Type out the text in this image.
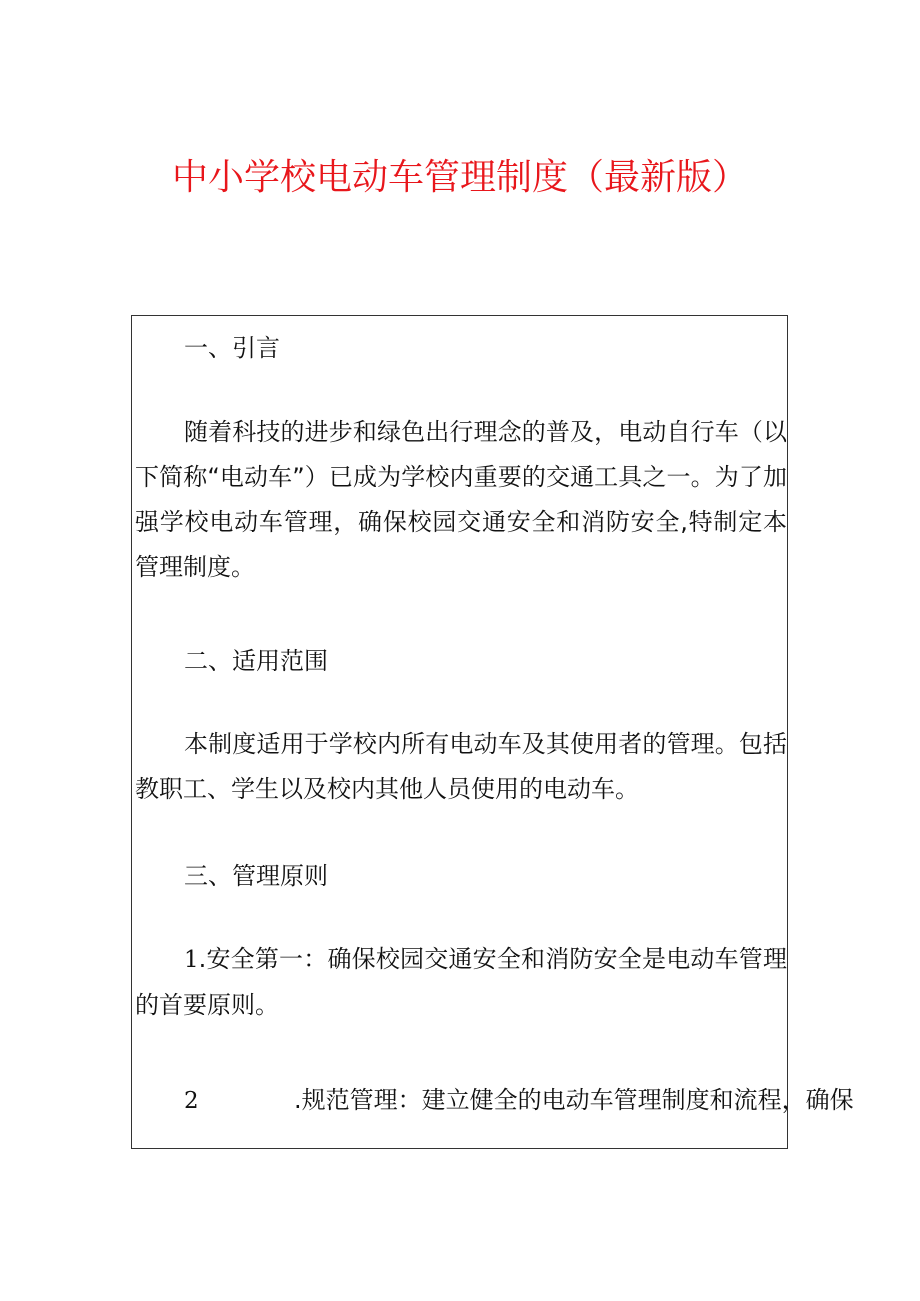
中小学校电动车管理制度（最新版）
一、引言

随着科技的进步和绿色出行理念的普及，电动自行车（以下简称“电动车”）已成为学校内重要的交通工具之一。为了加强学校电动车管理，确保校园交通安全和消防安全,特制定本管理制度。

二、适用范围

本制度适用于学校内所有电动车及其使用者的管理。包括教职工、学生以及校内其他人员使用的电动车。

三、管理原则

1.安全第一：确保校园交通安全和消防安全是电动车管理的首要原则。

2	.规范管理：建立健全的电动车管理制度和流程，确保
